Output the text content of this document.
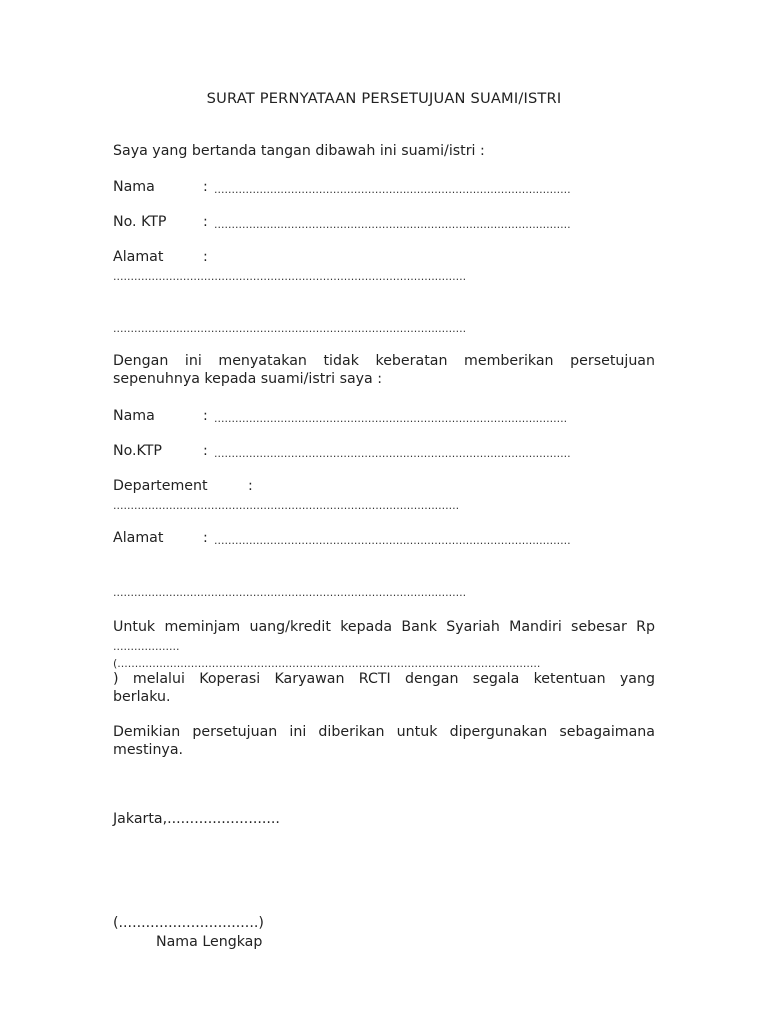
SURAT PERNYATAAN PERSETUJUAN SUAMI/ISTRI
Saya yang bertanda tangan dibawah ini suami/istri :
Nama	: ......................................................................................................
No. KTP	: ......................................................................................................
Alamat	:
.....................................................................................................
.....................................................................................................
Dengan ini menyatakan tidak keberatan memberikan persetujuan
sepenuhnya kepada suami/istri saya :
Nama	: .....................................................................................................
No.KTP	: ......................................................................................................
Departement	:
...................................................................................................
Alamat	: ......................................................................................................
.....................................................................................................
Untuk meminjam uang/kredit kepada Bank Syariah Mandiri sebesar Rp
...................
(.........................................................................................................................
) melalui Koperasi Karyawan RCTI dengan segala ketentuan yang
berlaku.
Demikian persetujuan ini diberikan untuk dipergunakan sebagaimana
mestinya.
Jakarta,.........................
(...............................)
Nama Lengkap
